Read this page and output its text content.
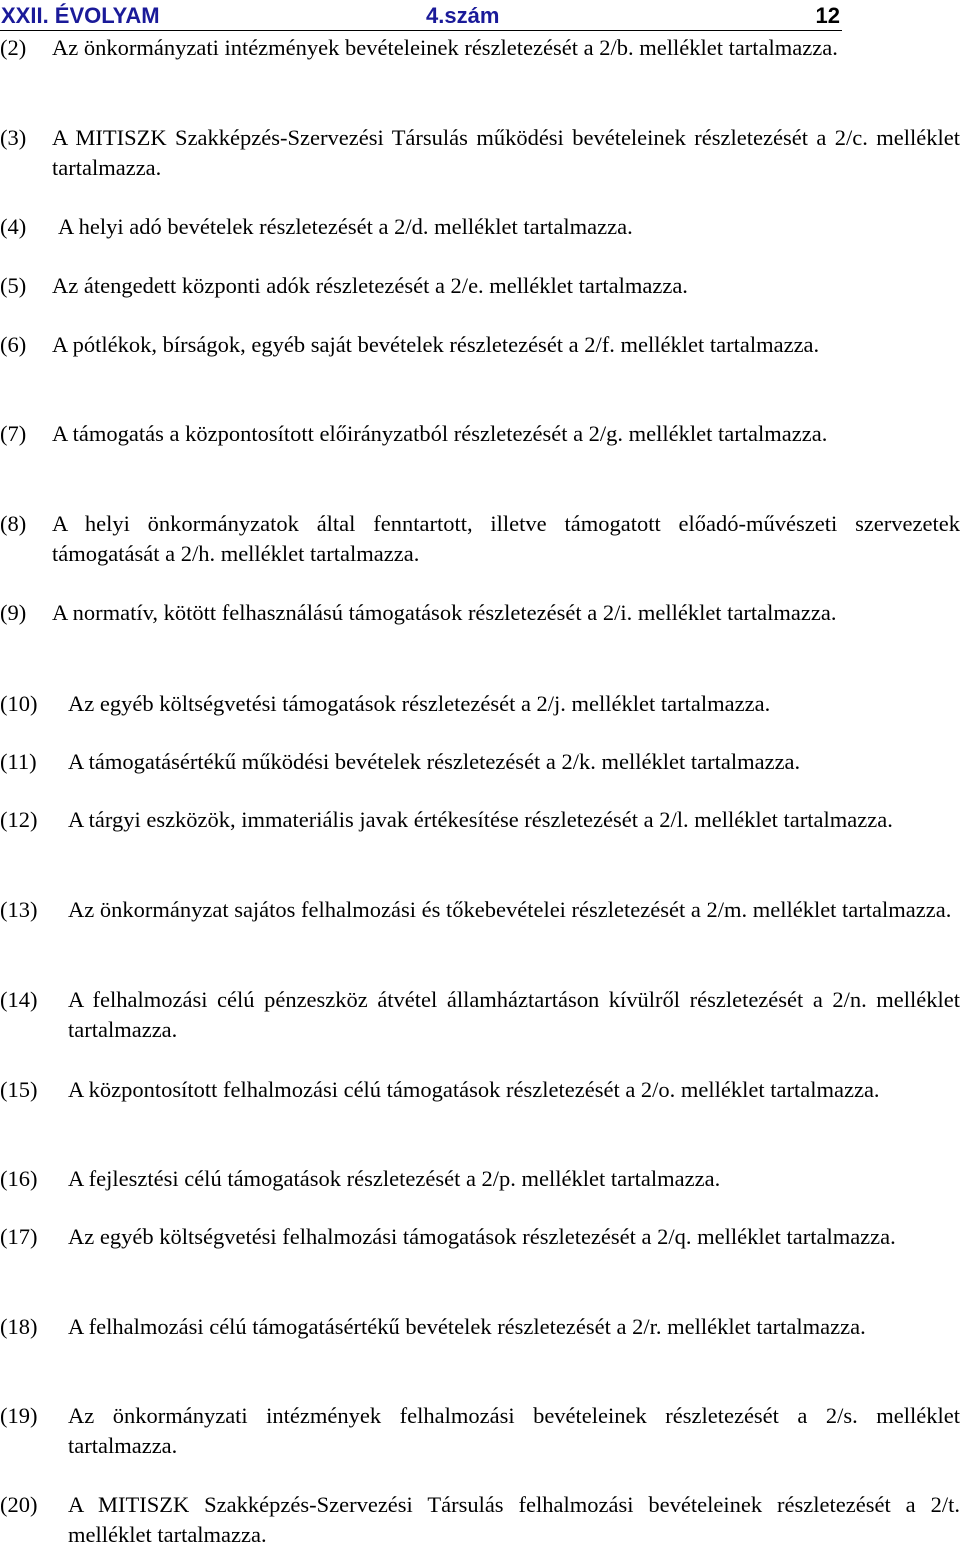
XXII. ÉVOLYAM	4.szám	12
(2)	Az önkormányzati intézmények bevételeinek részletezését a 2/b. melléklet tartalmazza.
(3)	A MITISZK Szakképzés-Szervezési Társulás működési bevételeinek részletezését a 2/c. melléklet tartalmazza.
(4)	A helyi adó bevételek részletezését a 2/d. melléklet tartalmazza.
(5)	Az átengedett központi adók részletezését a 2/e. melléklet tartalmazza.
(6)	A pótlékok, bírságok, egyéb saját bevételek részletezését a 2/f. melléklet tartalmazza.
(7)	A támogatás a központosított előirányzatból részletezését a 2/g. melléklet tartalmazza.
(8)	A helyi önkormányzatok által fenntartott, illetve támogatott előadó-művészeti szervezetek támogatását a 2/h. melléklet tartalmazza.
(9)	A normatív, kötött felhasználású támogatások részletezését a 2/i. melléklet tartalmazza.
(10)	Az egyéb költségvetési támogatások részletezését a 2/j. melléklet tartalmazza.
(11)	A támogatásértékű működési bevételek részletezését a 2/k. melléklet tartalmazza.
(12)	A tárgyi eszközök, immateriális javak értékesítése részletezését a 2/l. melléklet tartalmazza.
(13)	Az önkormányzat sajátos felhalmozási és tőkebevételei részletezését a 2/m. melléklet tartalmazza.
(14)	A felhalmozási célú pénzeszköz átvétel államháztartáson kívülről részletezését a 2/n. melléklet tartalmazza.
(15)	A központosított felhalmozási célú támogatások részletezését a 2/o. melléklet tartalmazza.
(16)	A fejlesztési célú támogatások részletezését a 2/p. melléklet tartalmazza.
(17)	Az egyéb költségvetési felhalmozási támogatások részletezését a 2/q. melléklet tartalmazza.
(18)	A felhalmozási célú támogatásértékű bevételek részletezését a 2/r. melléklet tartalmazza.
(19)	Az önkormányzati intézmények felhalmozási bevételeinek részletezését a 2/s. melléklet tartalmazza.
(20)	A MITISZK Szakképzés-Szervezési Társulás felhalmozási bevételeinek részletezését a 2/t. melléklet tartalmazza.
